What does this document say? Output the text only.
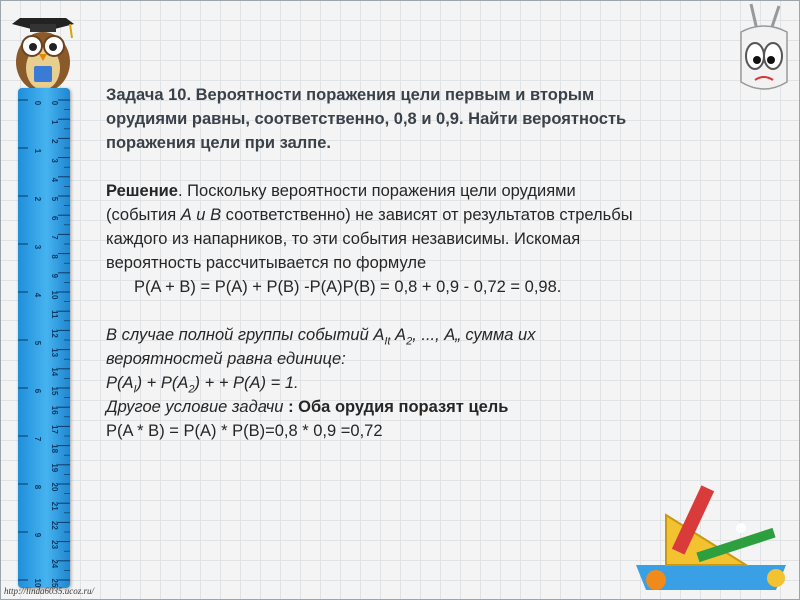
0
1
2
3
4
5
6
7
8
9
10
11
12
13
14
15
16
17
18
19
20
21
22
23
24
25
0
1
2
3
4
5
6
7
8
9
10

Задача 10. Вероятности поражения цели первым и вторым

орудиями равны, соответственно, 0,8 и 0,9. Найти вероятность

поражения цели при залпе.

Решение. Поскольку вероятности поражения цели орудиями

(события А и В соответственно) не зависят от результатов стрельбы

каждого из напарников, то эти события независимы. Искомая

вероятность рассчитывается по формуле

P(A + B) = P(A) + P(B) -P(A)P(B) = 0,8 + 0,9 - 0,72 = 0,98.

В случае полной группы событий $А_{It}$ $А_2$, ..., А„ сумма их

вероятностей равна единице:

$Р(А_I) + Р(А_2)$ + + Р(А) = 1.

Другое условие задачи : Оба орудия поразят цель

P(A * B) = P(A) * P(B)=0,8 * 0,9 =0,72

http://linda6035.ucoz.ru/
